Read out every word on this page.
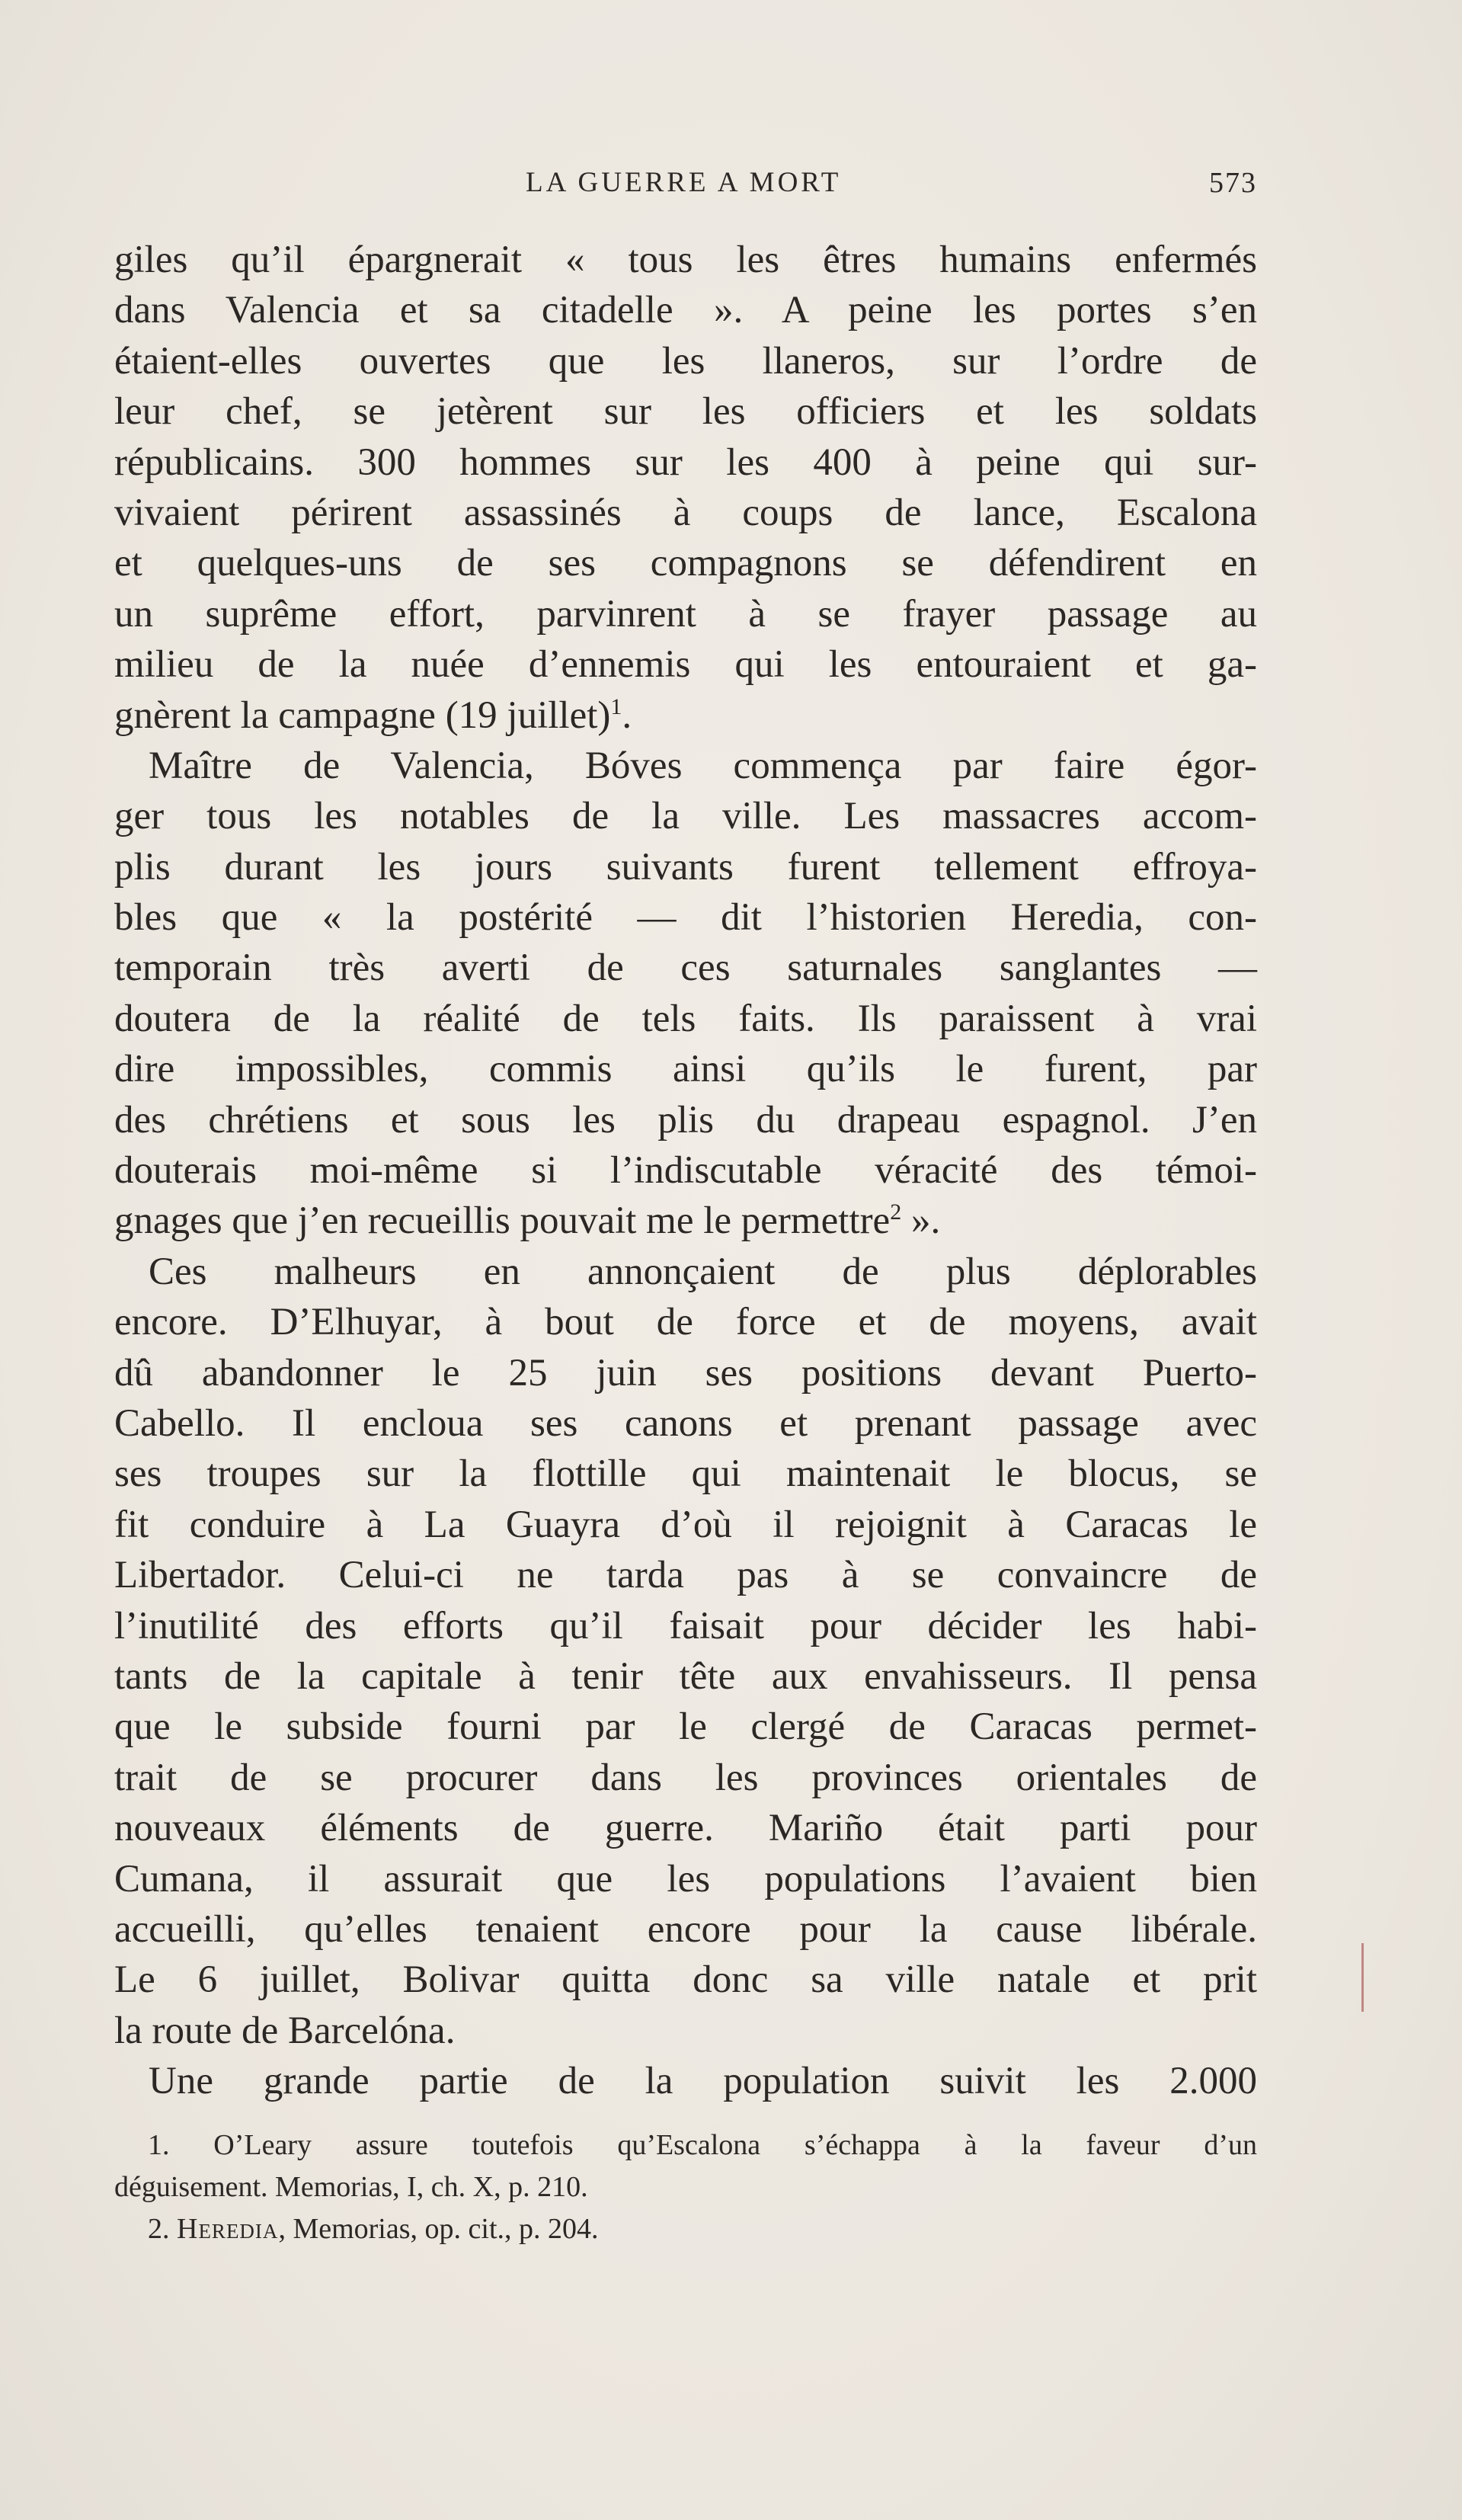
LA GUERRE A MORT	573
giles qu’il épargnerait « tous les êtres humains enfermés
dans Valencia et sa citadelle ». A peine les portes s’en
étaient-elles ouvertes que les llaneros, sur l’ordre de
leur chef, se jetèrent sur les officiers et les soldats
républicains. 300 hommes sur les 400 à peine qui sur-
vivaient périrent assassinés à coups de lance, Escalona
et quelques-uns de ses compagnons se défendirent en
un suprême effort, parvinrent à se frayer passage au
milieu de la nuée d’ennemis qui les entouraient et ga-
gnèrent la campagne (19 juillet)$^1$.
Maître de Valencia, Bóves commença par faire égor-
ger tous les notables de la ville. Les massacres accom-
plis durant les jours suivants furent tellement effroya-
bles que « la postérité — dit l’historien Heredia, con-
temporain très averti de ces saturnales sanglantes —
doutera de la réalité de tels faits. Ils paraissent à vrai
dire impossibles, commis ainsi qu’ils le furent, par
des chrétiens et sous les plis du drapeau espagnol. J’en
douterais moi-même si l’indiscutable véracité des témoi-
gnages que j’en recueillis pouvait me le permettre$^2$ ».
Ces malheurs en annonçaient de plus déplorables
encore. D’Elhuyar, à bout de force et de moyens, avait
dû abandonner le 25 juin ses positions devant Puerto-
Cabello. Il encloua ses canons et prenant passage avec
ses troupes sur la flottille qui maintenait le blocus, se
fit conduire à La Guayra d’où il rejoignit à Caracas le
Libertador. Celui-ci ne tarda pas à se convaincre de
l’inutilité des efforts qu’il faisait pour décider les habi-
tants de la capitale à tenir tête aux envahisseurs. Il pensa
que le subside fourni par le clergé de Caracas permet-
trait de se procurer dans les provinces orientales de
nouveaux éléments de guerre. Mariño était parti pour
Cumana, il assurait que les populations l’avaient bien
accueilli, qu’elles tenaient encore pour la cause libérale.
Le 6 juillet, Bolivar quitta donc sa ville natale et prit
la route de Barcelóna.
Une grande partie de la population suivit les 2.000
1. O’Leary assure toutefois qu’Escalona s’échappa à la faveur d’un
déguisement. Memorias, I, ch. X, p. 210.
2. Heredia, Memorias, op. cit., p. 204.
